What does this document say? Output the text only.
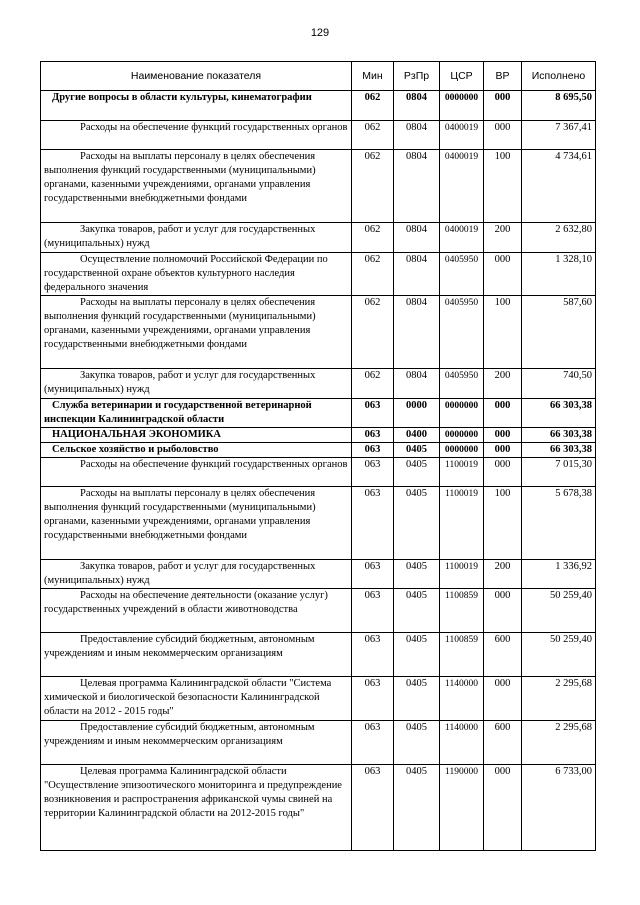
129
Наименование показателя	Мин	РзПр	ЦСР	ВР	Исполнено
Другие вопросы в области культуры, кинематографии	062	0804	0000000	000	8 695,50
Расходы на обеспечение функций государственных органов	062	0804	0400019	000	7 367,41
Расходы на выплаты персоналу в целях обеспечения выполнения функций государственными (муниципальными) органами, казенными учреждениями, органами управления государственными внебюджетными фондами	062	0804	0400019	100	4 734,61
Закупка товаров, работ и услуг для государственных (муниципальных) нужд	062	0804	0400019	200	2 632,80
Осуществление полномочий Российской Федерации по государственной охране объектов культурного наследия федерального значения	062	0804	0405950	000	1 328,10
Расходы на выплаты персоналу в целях обеспечения выполнения функций государственными (муниципальными) органами, казенными учреждениями, органами управления государственными внебюджетными фондами	062	0804	0405950	100	587,60
Закупка товаров, работ и услуг для государственных (муниципальных) нужд	062	0804	0405950	200	740,50
Служба ветеринарии и государственной ветеринарной инспекции Калининградской области	063	0000	0000000	000	66 303,38
НАЦИОНАЛЬНАЯ ЭКОНОМИКА	063	0400	0000000	000	66 303,38
Сельское хозяйство и рыболовство	063	0405	0000000	000	66 303,38
Расходы на обеспечение функций государственных органов	063	0405	1100019	000	7 015,30
Расходы на выплаты персоналу в целях обеспечения выполнения функций государственными (муниципальными) органами, казенными учреждениями, органами управления государственными внебюджетными фондами	063	0405	1100019	100	5 678,38
Закупка товаров, работ и услуг для государственных (муниципальных) нужд	063	0405	1100019	200	1 336,92
Расходы на обеспечение деятельности (оказание услуг) государственных учреждений в области животноводства	063	0405	1100859	000	50 259,40
Предоставление субсидий бюджетным, автономным учреждениям и иным некоммерческим организациям	063	0405	1100859	600	50 259,40
Целевая программа Калининградской области "Система химической и биологической безопасности Калининградской области на 2012 - 2015 годы"	063	0405	1140000	000	2 295,68
Предоставление субсидий бюджетным, автономным учреждениям и иным некоммерческим организациям	063	0405	1140000	600	2 295,68
Целевая программа Калининградской области "Осуществление эпизоотического мониторинга и предупреждение возникновения и распространения африканской чумы свиней на территории Калининградской области на 2012-2015 годы"	063	0405	1190000	000	6 733,00
